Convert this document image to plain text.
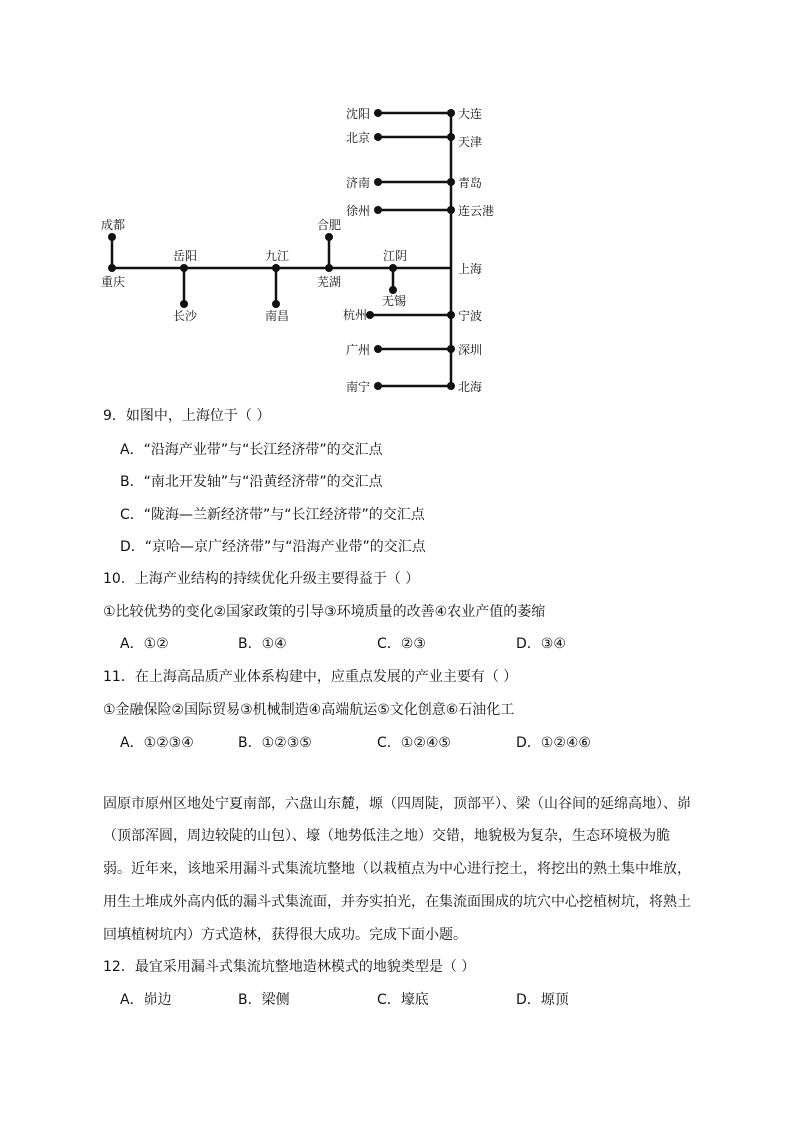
沈阳	大连
北京	天津
济南	青岛
徐州	连云港
成都
重庆
岳阳
长沙
九江
南昌
合肥
芜湖
江阴
无锡
上海
杭州	宁波
广州	深圳
南宁	北海
9．如图中，上海位于（ ）
A．“沿海产业带”与“长江经济带”的交汇点
B．“南北开发轴”与“沿黄经济带”的交汇点
C．“陇海—兰新经济带”与“长江经济带”的交汇点
D．“京哈—京广经济带”与“沿海产业带”的交汇点
10．上海产业结构的持续优化升级主要得益于（ ）
①比较优势的变化②国家政策的引导③环境质量的改善④农业产值的萎缩
A．①②	B．①④	C．②③	D．③④
11．在上海高品质产业体系构建中，应重点发展的产业主要有（ ）
①金融保险②国际贸易③机械制造④高端航运⑤文化创意⑥石油化工
A．①②③④	B．①②③⑤	C．①②④⑤	D．①②④⑥
固原市原州区地处宁夏南部，六盘山东麓，塬（四周陡，顶部平）、梁（山谷间的延绵高地）、峁
（顶部浑圆，周边较陡的山包）、壕（地势低洼之地）交错，地貌极为复杂，生态环境极为脆
弱。近年来，该地采用漏斗式集流坑整地（以栽植点为中心进行挖土，将挖出的熟土集中堆放，
用生土堆成外高内低的漏斗式集流面，并夯实拍光，在集流面围成的坑穴中心挖植树坑，将熟土
回填植树坑内）方式造林，获得很大成功。完成下面小题。
12．最宜采用漏斗式集流坑整地造林模式的地貌类型是（ ）
A．峁边	B．梁侧	C．壕底	D．塬顶
